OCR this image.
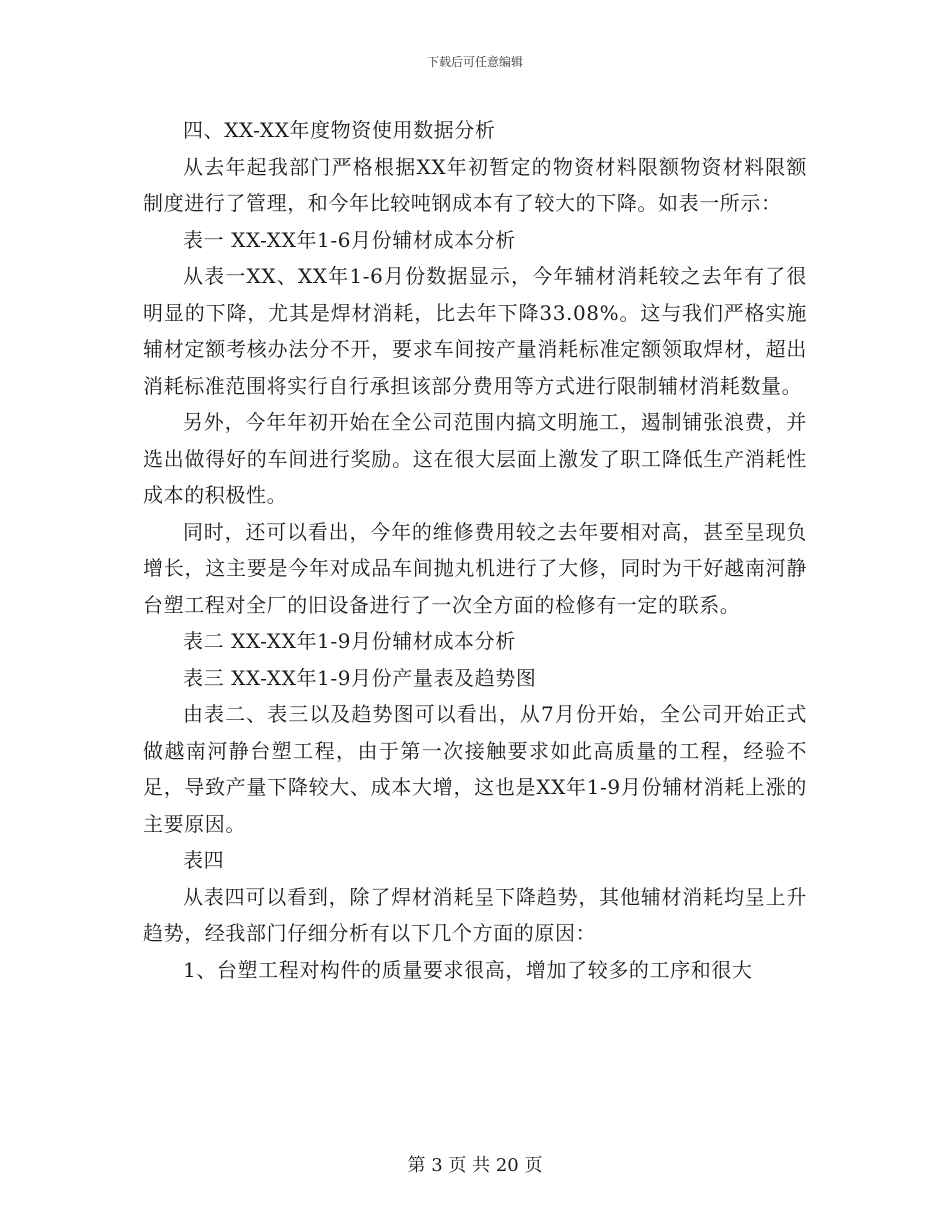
下载后可任意编辑

四、XX-XX年度物资使用数据分析

从去年起我部门严格根据XX年初暂定的物资材料限额物资材料限额制度进行了管理，和今年比较吨钢成本有了较大的下降。如表一所示：

表一 XX-XX年1-6月份辅材成本分析

从表一XX、XX年1-6月份数据显示，今年辅材消耗较之去年有了很明显的下降，尤其是焊材消耗，比去年下降33.08%。这与我们严格实施辅材定额考核办法分不开，要求车间按产量消耗标准定额领取焊材，超出消耗标准范围将实行自行承担该部分费用等方式进行限制辅材消耗数量。

另外，今年年初开始在全公司范围内搞文明施工，遏制铺张浪费，并选出做得好的车间进行奖励。这在很大层面上激发了职工降低生产消耗性成本的积极性。

同时，还可以看出，今年的维修费用较之去年要相对高，甚至呈现负增长，这主要是今年对成品车间抛丸机进行了大修，同时为干好越南河静台塑工程对全厂的旧设备进行了一次全方面的检修有一定的联系。

表二 XX-XX年1-9月份辅材成本分析

表三 XX-XX年1-9月份产量表及趋势图

由表二、表三以及趋势图可以看出，从7月份开始，全公司开始正式做越南河静台塑工程，由于第一次接触要求如此高质量的工程，经验不足，导致产量下降较大、成本大增，这也是XX年1-9月份辅材消耗上涨的主要原因。

表四

从表四可以看到，除了焊材消耗呈下降趋势，其他辅材消耗均呈上升趋势，经我部门仔细分析有以下几个方面的原因：

1、台塑工程对构件的质量要求很高，增加了较多的工序和很大

第 3 页 共 20 页
